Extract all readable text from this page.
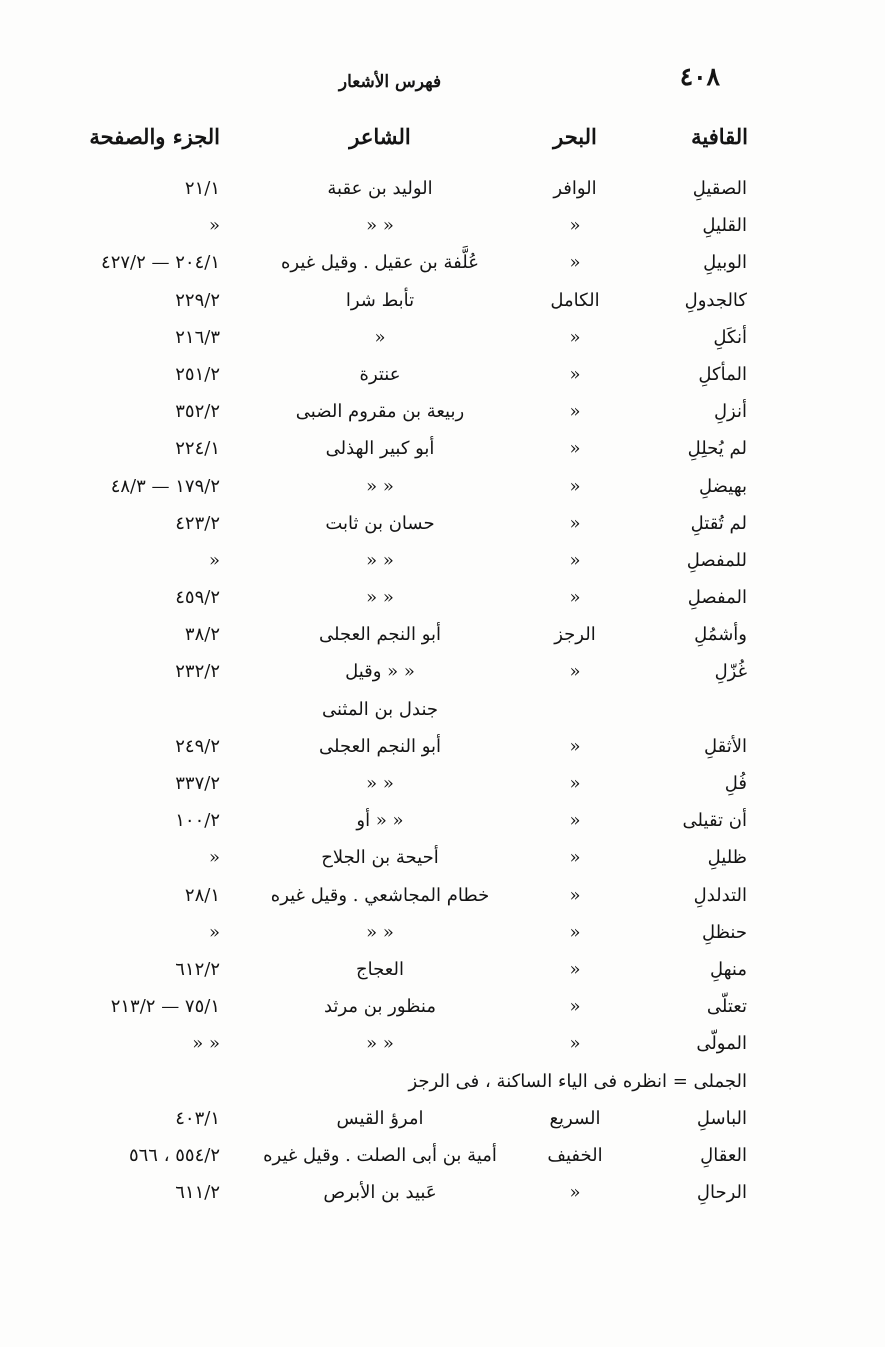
٤٠٨
فهرس الأشعار
القافية
البحر
الشاعر
الجزء والصفحة
الصقيلِ
الوافر
الوليد بن عقبة
٢١/١
القليلِ
«
« «
«
الوبيلِ
«
عُلَّفة بن عقيل . وقيل غيره
٢٠٤/١ — ٤٢٧/٢
كالجدولِ
الكامل
تأبط شرا
٢٢٩/٢
أنكَلِ
«
«
٢١٦/٣
المأكلِ
«
عنترة
٢٥١/٢
أنزلِ
«
ربيعة بن مقروم الضبى
٣٥٢/٢
لم يُحلِلِ
«
أبو كبير الهذلى
٢٢٤/١
بهيضلِ
«
« «
١٧٩/٢ — ٤٨/٣
لم تُقتلِ
«
حسان بن ثابت
٤٢٣/٢
للمفصلِ
«
« «
«
المفصلِ
«
« «
٤٥٩/٢
وأشمُلِ
الرجز
أبو النجم العجلى
٣٨/٢
غُزّلِ
«
« « وقيل
٢٣٢/٢
جندل بن المثنى
الأثقلِ
«
أبو النجم العجلى
٢٤٩/٢
فُلِ
«
« «
٣٣٧/٢
أن تقيلى
«
« « أو
١٠٠/٢
ظليلِ
«
أحيحة بن الجلاح
«
التدلدلِ
«
خطام المجاشعي . وقيل غيره
٢٨/١
حنظلِ
«
« «
«
منهلِ
«
العجاج
٦١٢/٢
تعتلّى
«
منظور بن مرثد
٧٥/١ — ٢١٣/٢
المولّى
«
« «
« «
الجملى = انظره فى الياء الساكنة ، فى الرجز
الباسلِ
السريع
امرؤ القيس
٤٠٣/١
العقالِ
الخفيف
أمية بن أبى الصلت . وقيل غيره
٥٥٤/٢ ، ٥٦٦
الرحالِ
«
عَبيد بن الأبرص
٦١١/٢
